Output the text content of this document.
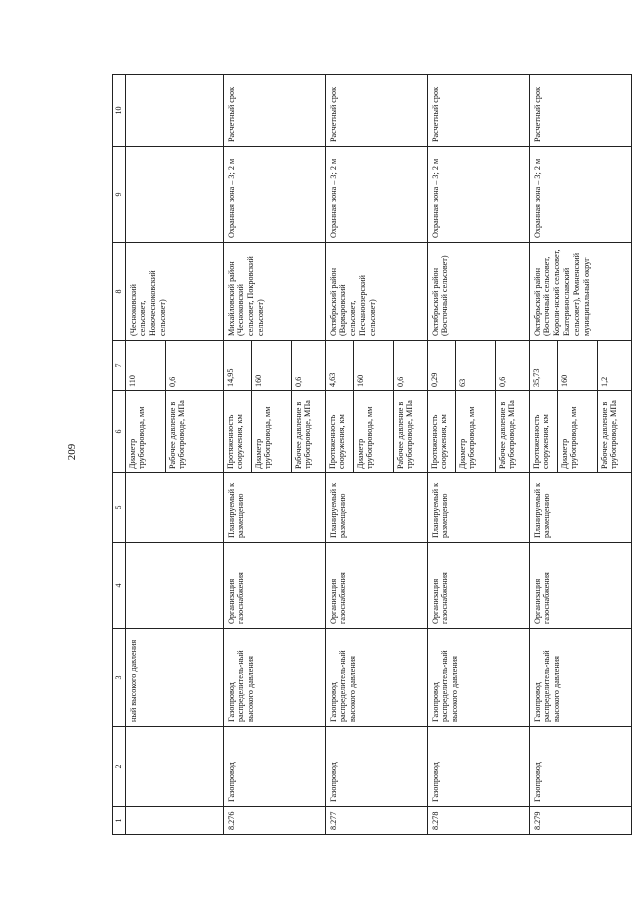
209
1	2	3	4	5	6	7	8	9	10
		ный высокого давления			Диаметр трубопровода, мм	110	(Чесноковский сельсовет, Новочесноковский сельсовет)		
					Рабочее давление в трубопроводе, МПа	0,6			
8.276	Газопровод	Газопровод распределитель-ный высокого давления	Организация газоснабжения	Планируемый к размещению	Протяженность сооружения, км	14,95	Михайловский район (Чесноковский сельсовет, Покровский сельсовет)	Охранная зона – 3; 2 м	Расчетный срок
					Диаметр трубопровода, мм	160			
					Рабочее давление в трубопроводе, МПа	0,6			
8.277	Газопровод	Газопровод распределитель-ный высокого давления	Организация газоснабжения	Планируемый к размещению	Протяженность сооружения, км	4,63	Октябрьский район (Варваровский сельсовет, Песчаноозерский сельсовет)	Охранная зона – 3; 2 м	Расчетный срок
					Диаметр трубопровода, мм	160			
					Рабочее давление в трубопроводе, МПа	0,6			
8.278	Газопровод	Газопровод распределитель-ный высокого давления	Организация газоснабжения	Планируемый к размещению	Протяженность сооружения, км	0,29	Октябрьский район (Восточный сельсовет)	Охранная зона – 3; 2 м	Расчетный срок
					Диаметр трубопровода, мм	63			
					Рабочее давление в трубопроводе, МПа	0,6			
8.279	Газопровод	Газопровод распределитель-ный высокого давления	Организация газоснабжения	Планируемый к размещению	Протяженность сооружения, км	35,73	Октябрьский район (Восточный сельсовет, Короли-нский сельсовет, Екатеринославский сельсовет), Ромненский муниципальный округ	Охранная зона – 3; 2 м	Расчетный срок
					Диаметр трубопровода, мм	160			
					Рабочее давление в трубопроводе, МПа	1,2			
